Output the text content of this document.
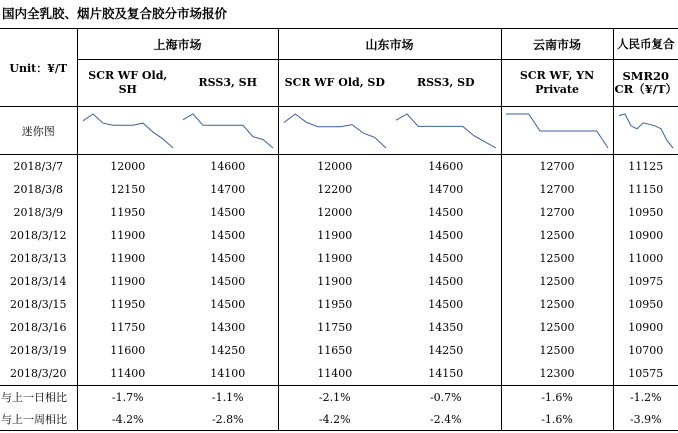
国内全乳胶、烟片胶及复合胶分市场报价
Unit：¥/T	上海市场		山东市场		云南市场	人民币复合
	SCR WF Old, SH	RSS3, SH	SCR WF Old, SD	RSS3, SD	SCR WF, YN Private	SMR20 CR（¥/T）
迷你图	

2018/3/7	12000	14600	12000	14600	12700	11125
2018/3/8	12150	14700	12200	14700	12700	11150
2018/3/9	11950	14500	12000	14500	12700	10950
2018/3/12	11900	14500	11900	14500	12500	10900
2018/3/13	11900	14500	11900	14500	12500	11000
2018/3/14	11900	14500	11900	14500	12500	10975
2018/3/15	11950	14500	11950	14500	12500	10950
2018/3/16	11750	14300	11750	14350	12500	10900
2018/3/19	11600	14250	11650	14250	12500	10700
2018/3/20	11400	14100	11400	14150	12300	10575
与上一日相比	-1.7%	-1.1%	-2.1%	-0.7%	-1.6%	-1.2%
与上一周相比	-4.2%	-2.8%	-4.2%	-2.4%	-1.6%	-3.9%
